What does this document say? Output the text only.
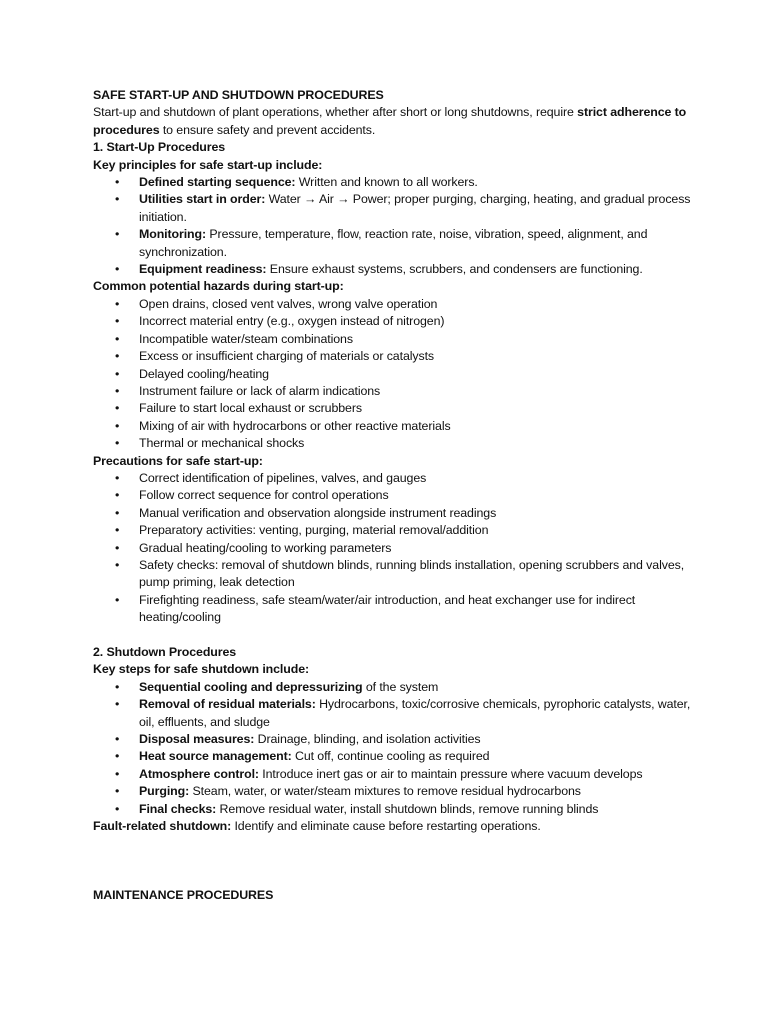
SAFE START-UP AND SHUTDOWN PROCEDURES

Start-up and shutdown of plant operations, whether after short or long shutdowns, require strict adherence to procedures to ensure safety and prevent accidents.

1. Start-Up Procedures

Key principles for safe start-up include:

• Defined starting sequence: Written and known to all workers.
• Utilities start in order: Water → Air → Power; proper purging, charging, heating, and gradual process initiation.
• Monitoring: Pressure, temperature, flow, reaction rate, noise, vibration, speed, alignment, and synchronization.
• Equipment readiness: Ensure exhaust systems, scrubbers, and condensers are functioning.

Common potential hazards during start-up:

• Open drains, closed vent valves, wrong valve operation
• Incorrect material entry (e.g., oxygen instead of nitrogen)
• Incompatible water/steam combinations
• Excess or insufficient charging of materials or catalysts
• Delayed cooling/heating
• Instrument failure or lack of alarm indications
• Failure to start local exhaust or scrubbers
• Mixing of air with hydrocarbons or other reactive materials
• Thermal or mechanical shocks

Precautions for safe start-up:

• Correct identification of pipelines, valves, and gauges
• Follow correct sequence for control operations
• Manual verification and observation alongside instrument readings
• Preparatory activities: venting, purging, material removal/addition
• Gradual heating/cooling to working parameters
• Safety checks: removal of shutdown blinds, running blinds installation, opening scrubbers and valves, pump priming, leak detection
• Firefighting readiness, safe steam/water/air introduction, and heat exchanger use for indirect heating/cooling

2. Shutdown Procedures

Key steps for safe shutdown include:

• Sequential cooling and depressurizing of the system
• Removal of residual materials: Hydrocarbons, toxic/corrosive chemicals, pyrophoric catalysts, water, oil, effluents, and sludge
• Disposal measures: Drainage, blinding, and isolation activities
• Heat source management: Cut off, continue cooling as required
• Atmosphere control: Introduce inert gas or air to maintain pressure where vacuum develops
• Purging: Steam, water, or water/steam mixtures to remove residual hydrocarbons
• Final checks: Remove residual water, install shutdown blinds, remove running blinds

Fault-related shutdown: Identify and eliminate cause before restarting operations.

MAINTENANCE PROCEDURES
